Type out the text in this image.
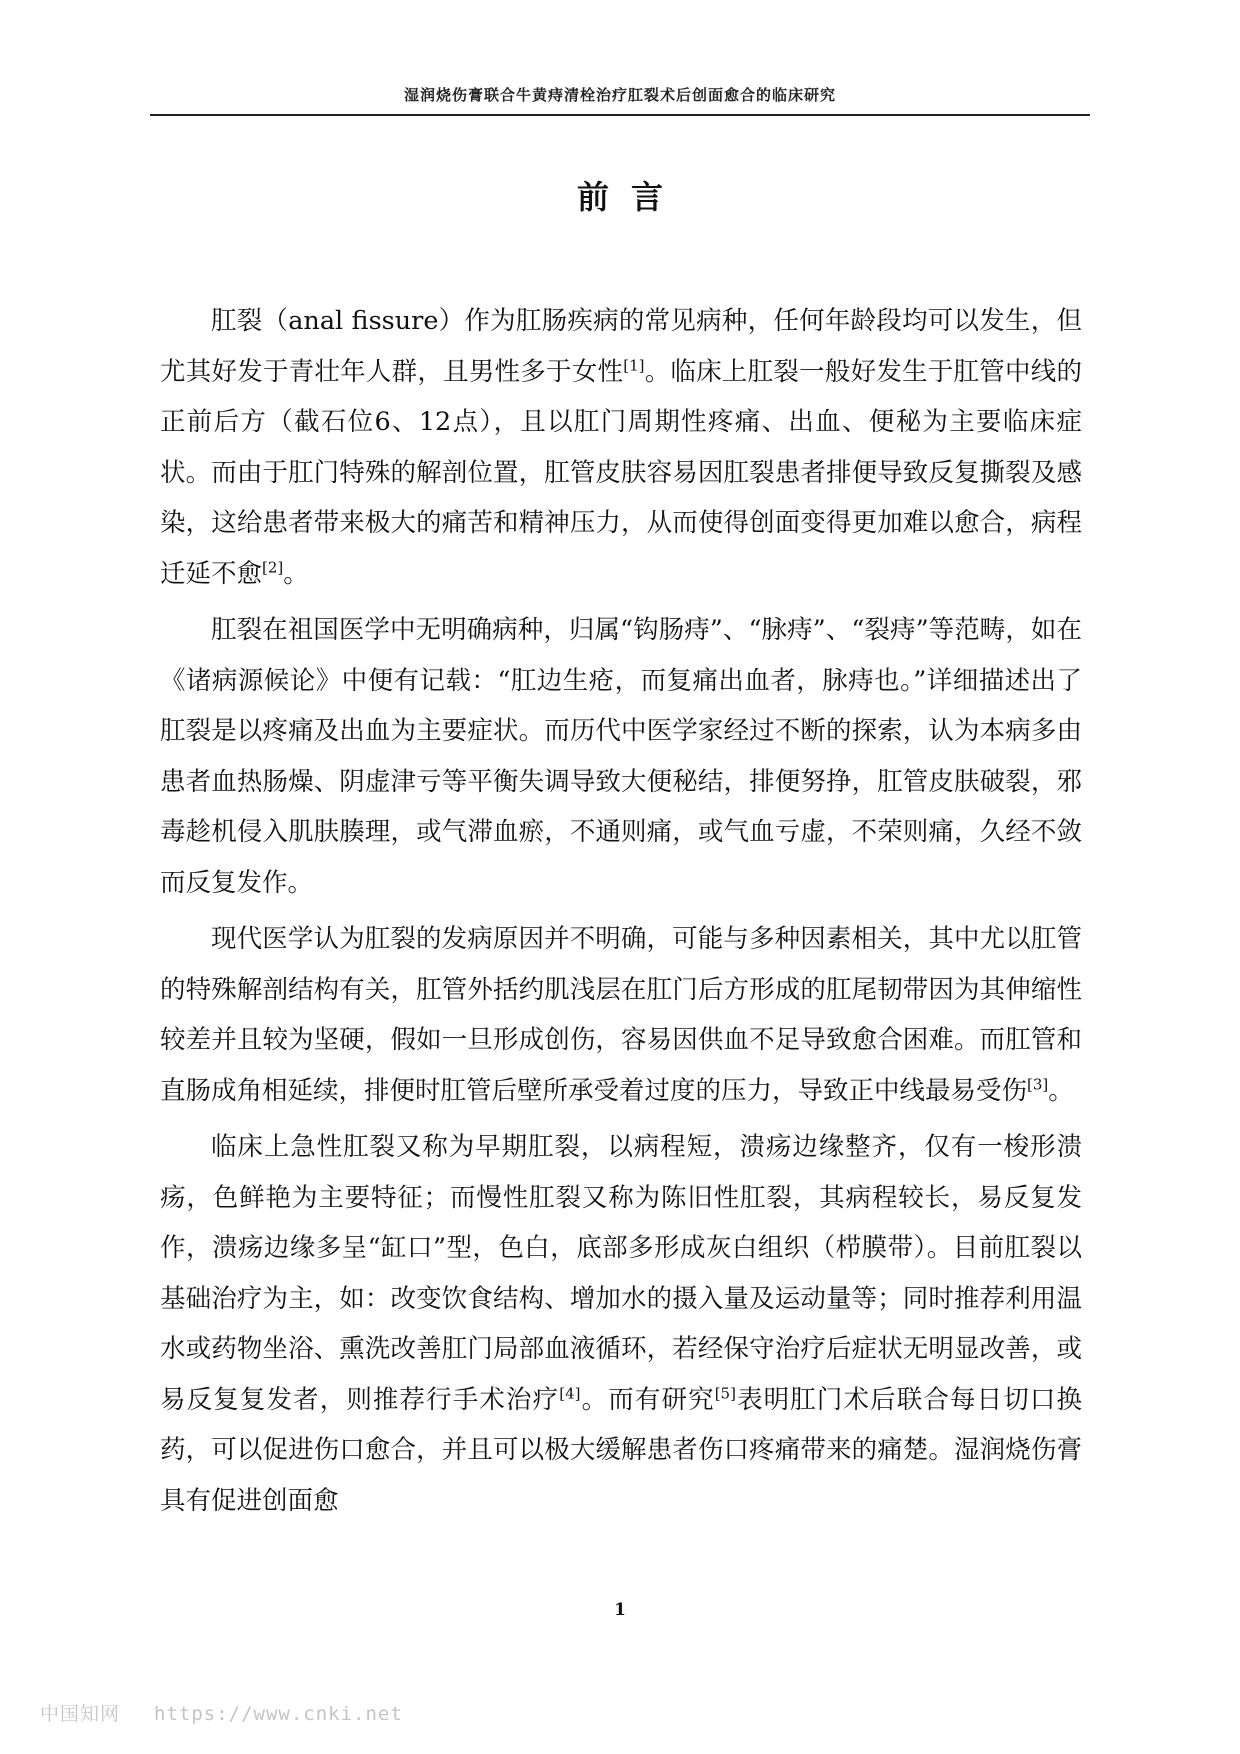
湿润烧伤膏联合牛黄痔清栓治疗肛裂术后创面愈合的临床研究
前言

肛裂（anal fissure）作为肛肠疾病的常见病种，任何年龄段均可以发生，但尤其好发于青壮年人群，且男性多于女性[1]。临床上肛裂一般好发生于肛管中线的正前后方（截石位6、12点），且以肛门周期性疼痛、出血、便秘为主要临床症状。而由于肛门特殊的解剖位置，肛管皮肤容易因肛裂患者排便导致反复撕裂及感染，这给患者带来极大的痛苦和精神压力，从而使得创面变得更加难以愈合，病程迁延不愈[2]。

肛裂在祖国医学中无明确病种，归属“钩肠痔”、“脉痔”、“裂痔”等范畴，如在《诸病源候论》中便有记载：“肛边生疮，而复痛出血者，脉痔也。”详细描述出了肛裂是以疼痛及出血为主要症状。而历代中医学家经过不断的探索，认为本病多由患者血热肠燥、阴虚津亏等平衡失调导致大便秘结，排便努挣，肛管皮肤破裂，邪毒趁机侵入肌肤腠理，或气滞血瘀，不通则痛，或气血亏虚，不荣则痛，久经不敛而反复发作。

现代医学认为肛裂的发病原因并不明确，可能与多种因素相关，其中尤以肛管的特殊解剖结构有关，肛管外括约肌浅层在肛门后方形成的肛尾韧带因为其伸缩性较差并且较为坚硬，假如一旦形成创伤，容易因供血不足导致愈合困难。而肛管和直肠成角相延续，排便时肛管后壁所承受着过度的压力，导致正中线最易受伤[3]。

临床上急性肛裂又称为早期肛裂，以病程短，溃疡边缘整齐，仅有一梭形溃疡，色鲜艳为主要特征；而慢性肛裂又称为陈旧性肛裂，其病程较长，易反复发作，溃疡边缘多呈“缸口”型，色白，底部多形成灰白组织（栉膜带）。目前肛裂以基础治疗为主，如：改变饮食结构、增加水的摄入量及运动量等；同时推荐利用温水或药物坐浴、熏洗改善肛门局部血液循环，若经保守治疗后症状无明显改善，或易反复复发者，则推荐行手术治疗[4]。而有研究[5]表明肛门术后联合每日切口换药，可以促进伤口愈合，并且可以极大缓解患者伤口疼痛带来的痛楚。湿润烧伤膏具有促进创面愈

1
中国知网 https://www.cnki.net
